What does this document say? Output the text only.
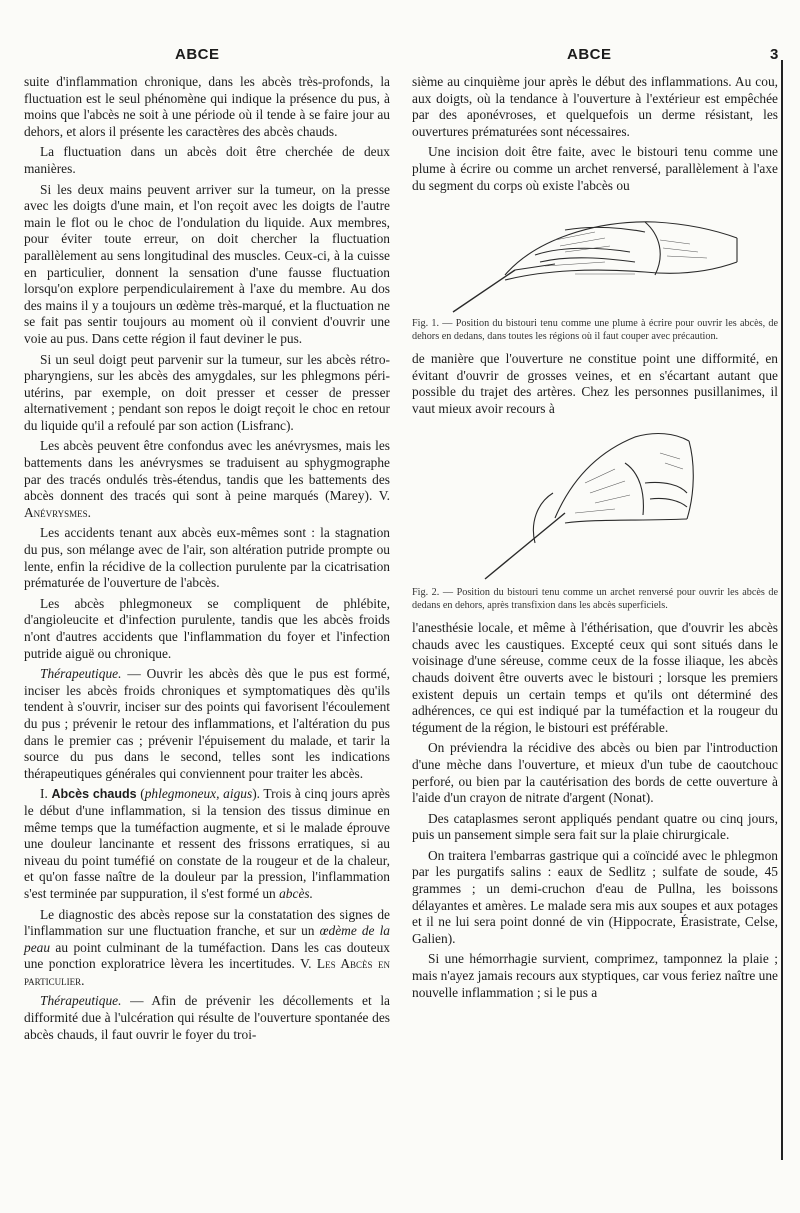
ABCE	ABCE	3

suite d'inflammation chronique, dans les abcès très-profonds, la fluctuation est le seul phénomène qui indique la présence du pus, à moins que l'abcès ne soit à une période où il tende à se faire jour au dehors, et alors il présente les caractères des abcès chauds.

La fluctuation dans un abcès doit être cherchée de deux manières.

Si les deux mains peuvent arriver sur la tumeur, on la presse avec les doigts d'une main, et l'on reçoit avec les doigts de l'autre main le flot ou le choc de l'ondulation du liquide. Aux membres, pour éviter toute erreur, on doit chercher la fluctuation parallèlement au sens longitudinal des muscles. Ceux-ci, à la cuisse en particulier, donnent la sensation d'une fausse fluctuation lorsqu'on explore perpendiculairement à l'axe du membre. Au dos des mains il y a toujours un œdème très-marqué, et la fluctuation ne se fait pas sentir toujours au moment où il convient d'ouvrir une voie au pus. Dans cette région il faut deviner le pus.

Si un seul doigt peut parvenir sur la tumeur, sur les abcès rétro-pharyngiens, sur les abcès des amygdales, sur les phlegmons péri-utérins, par exemple, on doit presser et cesser de presser alternativement ; pendant son repos le doigt reçoit le choc en retour du liquide qu'il a refoulé par son action (Lisfranc).

Les abcès peuvent être confondus avec les anévrysmes, mais les battements dans les anévrysmes se traduisent au sphygmographe par des tracés ondulés très-étendus, tandis que les battements des abcès donnent des tracés qui sont à peine marqués (Marey). V. Anévrysmes.

Les accidents tenant aux abcès eux-mêmes sont : la stagnation du pus, son mélange avec de l'air, son altération putride prompte ou lente, enfin la récidive de la collection purulente par la cicatrisation prématurée de l'ouverture de l'abcès.

Les abcès phlegmoneux se compliquent de phlébite, d'angioleucite et d'infection purulente, tandis que les abcès froids n'ont d'autres accidents que l'inflammation du foyer et l'infection putride aiguë ou chronique.

Thérapeutique. — Ouvrir les abcès dès que le pus est formé, inciser les abcès froids chroniques et symptomatiques dès qu'ils tendent à s'ouvrir, inciser sur des points qui favorisent l'écoulement du pus ; prévenir le retour des inflammations, et l'altération du pus dans le premier cas ; prévenir l'épuisement du malade, et tarir la source du pus dans le second, telles sont les indications thérapeutiques générales qui conviennent pour traiter les abcès.

I. Abcès chauds (phlegmoneux, aigus). Trois à cinq jours après le début d'une inflammation, si la tension des tissus diminue en même temps que la tuméfaction augmente, et si le malade éprouve une douleur lancinante et ressent des frissons erratiques, si au niveau du point tuméfié on constate de la rougeur et de la chaleur, et qu'on fasse naître de la douleur par la pression, l'inflammation s'est terminée par suppuration, il s'est formé un abcès.

Le diagnostic des abcès repose sur la constatation des signes de l'inflammation sur une fluctuation franche, et sur un œdème de la peau au point culminant de la tuméfaction. Dans les cas douteux une ponction exploratrice lèvera les incertitudes. V. Les Abcès en particulier.

Thérapeutique. — Afin de prévenir les décollements et la difformité due à l'ulcération qui résulte de l'ouverture spontanée des abcès chauds, il faut ouvrir le foyer du troi-

sième au cinquième jour après le début des inflammations. Au cou, aux doigts, où la tendance à l'ouverture à l'extérieur est empêchée par des aponévroses, et quelquefois un derme résistant, les ouvertures prématurées sont nécessaires.

Une incision doit être faite, avec le bistouri tenu comme une plume à écrire ou comme un archet renversé, parallèlement à l'axe du segment du corps où existe l'abcès ou

Fig. 1. — Position du bistouri tenu comme une plume à écrire pour ouvrir les abcès, de dehors en dedans, dans toutes les régions où il faut couper avec précaution.

de manière que l'ouverture ne constitue point une difformité, en évitant d'ouvrir de grosses veines, et en s'écartant autant que possible du trajet des artères. Chez les personnes pusillanimes, il vaut mieux avoir recours à

Fig. 2. — Position du bistouri tenu comme un archet renversé pour ouvrir les abcès de dedans en dehors, après transfixion dans les abcès superficiels.

l'anesthésie locale, et même à l'éthérisation, que d'ouvrir les abcès chauds avec les caustiques. Excepté ceux qui sont situés dans le voisinage d'une séreuse, comme ceux de la fosse iliaque, les abcès chauds doivent être ouverts avec le bistouri ; lorsque les premiers existent depuis un certain temps et qu'ils ont déterminé des adhérences, ce qui est indiqué par la tuméfaction et la rougeur du tégument de la région, le bistouri est préférable.

On préviendra la récidive des abcès ou bien par l'introduction d'une mèche dans l'ouverture, et mieux d'un tube de caoutchouc perforé, ou bien par la cautérisation des bords de cette ouverture à l'aide d'un crayon de nitrate d'argent (Nonat).

Des cataplasmes seront appliqués pendant quatre ou cinq jours, puis un pansement simple sera fait sur la plaie chirurgicale.

On traitera l'embarras gastrique qui a coïncidé avec le phlegmon par les purgatifs salins : eaux de Sedlitz ; sulfate de soude, 45 grammes ; un demi-cruchon d'eau de Pullna, les boissons délayantes et amères. Le malade sera mis aux soupes et aux potages et il ne lui sera point donné de vin (Hippocrate, Érasistrate, Celse, Galien).

Si une hémorrhagie survient, comprimez, tamponnez la plaie ; mais n'ayez jamais recours aux styptiques, car vous feriez naître une nouvelle inflammation ; si le pus a
